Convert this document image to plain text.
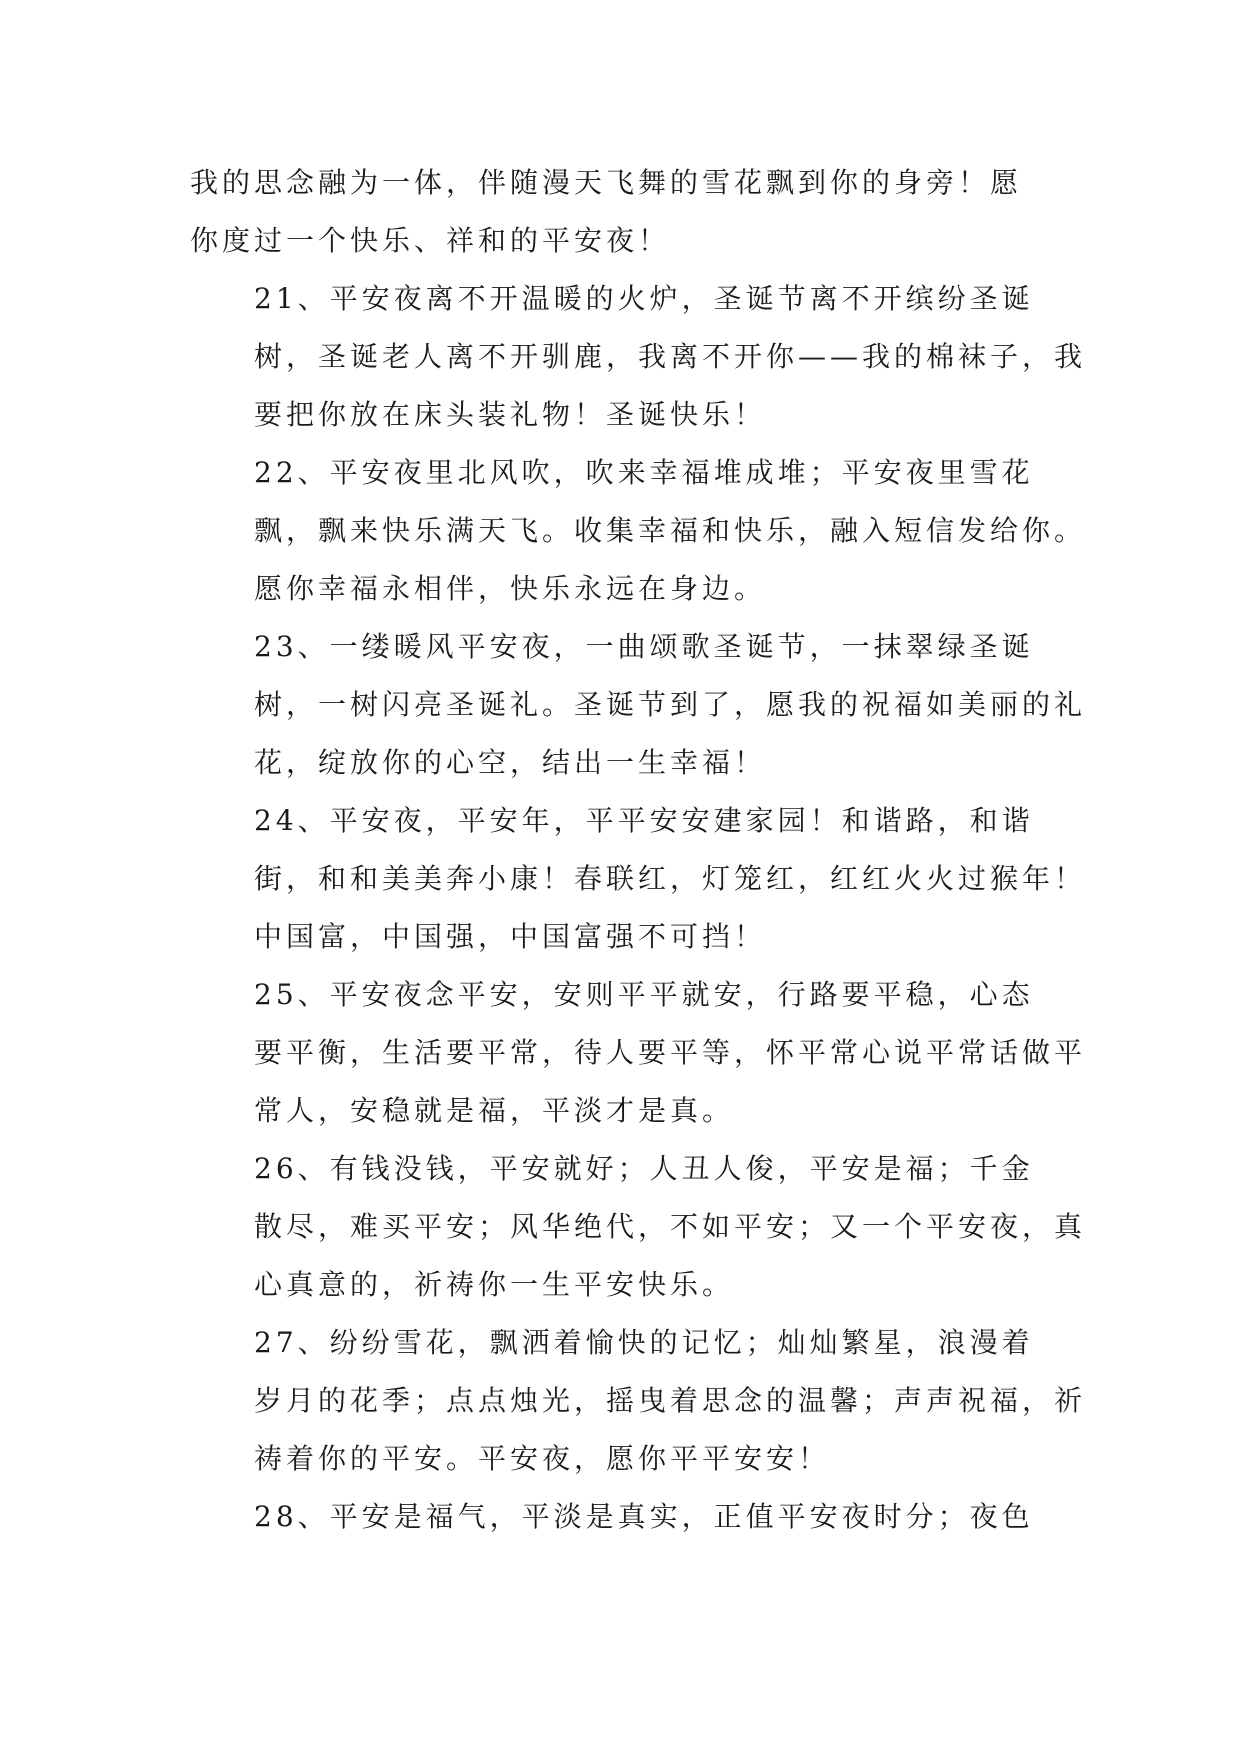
我的思念融为一体，伴随漫天飞舞的雪花飘到你的身旁！愿
你度过一个快乐、祥和的平安夜！

21、平安夜离不开温暖的火炉，圣诞节离不开缤纷圣诞
树，圣诞老人离不开驯鹿，我离不开你——我的棉袜子，我
要把你放在床头装礼物！圣诞快乐！

22、平安夜里北风吹，吹来幸福堆成堆；平安夜里雪花
飘，飘来快乐满天飞。收集幸福和快乐，融入短信发给你。
愿你幸福永相伴，快乐永远在身边。

23、一缕暖风平安夜，一曲颂歌圣诞节，一抹翠绿圣诞
树，一树闪亮圣诞礼。圣诞节到了，愿我的祝福如美丽的礼
花，绽放你的心空，结出一生幸福！

24、平安夜，平安年，平平安安建家园！和谐路，和谐
街，和和美美奔小康！春联红，灯笼红，红红火火过猴年！
中国富，中国强，中国富强不可挡！

25、平安夜念平安，安则平平就安，行路要平稳，心态
要平衡，生活要平常，待人要平等，怀平常心说平常话做平
常人，安稳就是福，平淡才是真。

26、有钱没钱，平安就好；人丑人俊，平安是福；千金
散尽，难买平安；风华绝代，不如平安；又一个平安夜，真
心真意的，祈祷你一生平安快乐。

27、纷纷雪花，飘洒着愉快的记忆；灿灿繁星，浪漫着
岁月的花季；点点烛光，摇曳着思念的温馨；声声祝福，祈
祷着你的平安。平安夜，愿你平平安安！

28、平安是福气，平淡是真实，正值平安夜时分；夜色
